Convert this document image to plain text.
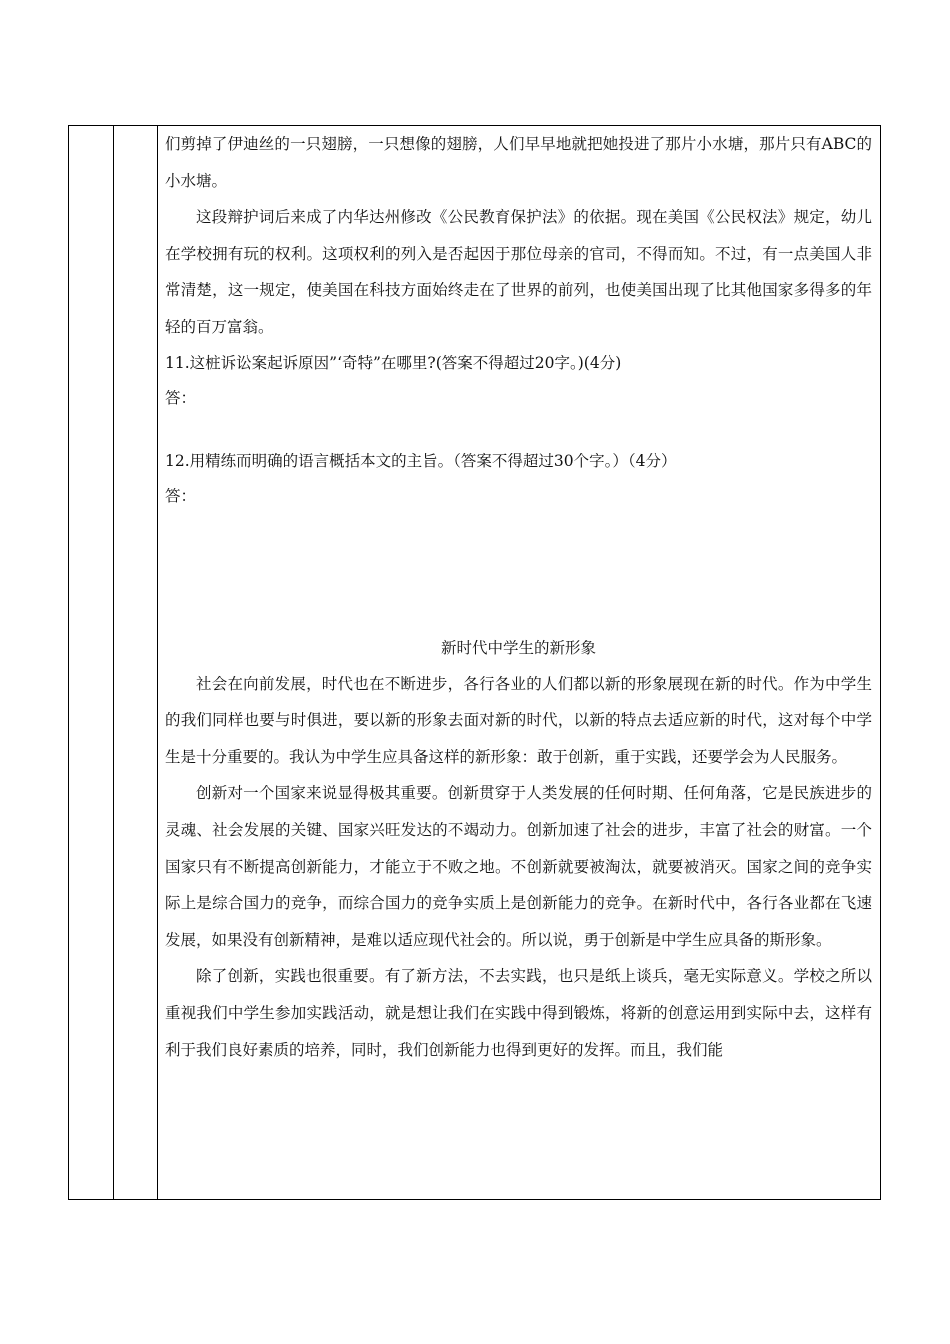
们剪掉了伊迪丝的一只翅膀，一只想像的翅膀，人们早早地就把她投进了那片小水塘，那片只有ABC的小水塘。

这段辩护词后来成了内华达州修改《公民教育保护法》的依据。现在美国《公民权法》规定，幼儿在学校拥有玩的权利。这项权利的列入是否起因于那位母亲的官司，不得而知。不过，有一点美国人非常清楚，这一规定，使美国在科技方面始终走在了世界的前列，也使美国出现了比其他国家多得多的年轻的百万富翁。

11.这桩诉讼案起诉原因”‘奇特”在哪里?(答案不得超过20字。)(4分)

答：

12.用精练而明确的语言概括本文的主旨。（答案不得超过30个字。）（4分）

答：

新时代中学生的新形象

社会在向前发展，时代也在不断进步，各行各业的人们都以新的形象展现在新的时代。作为中学生的我们同样也要与时俱进，要以新的形象去面对新的时代，以新的特点去适应新的时代，这对每个中学生是十分重要的。我认为中学生应具备这样的新形象：敢于创新，重于实践，还要学会为人民服务。

创新对一个国家来说显得极其重要。创新贯穿于人类发展的任何时期、任何角落，它是民族进步的灵魂、社会发展的关键、国家兴旺发达的不竭动力。创新加速了社会的进步，丰富了社会的财富。一个国家只有不断提高创新能力，才能立于不败之地。不创新就要被淘汰，就要被消灭。国家之间的竞争实际上是综合国力的竞争，而综合国力的竞争实质上是创新能力的竞争。在新时代中，各行各业都在飞速发展，如果没有创新精神，是难以适应现代社会的。所以说，勇于创新是中学生应具备的斯形象。

除了创新，实践也很重要。有了新方法，不去实践，也只是纸上谈兵，毫无实际意义。学校之所以重视我们中学生参加实践活动，就是想让我们在实践中得到锻炼，将新的创意运用到实际中去，这样有利于我们良好素质的培养，同时，我们创新能力也得到更好的发挥。而且，我们能
